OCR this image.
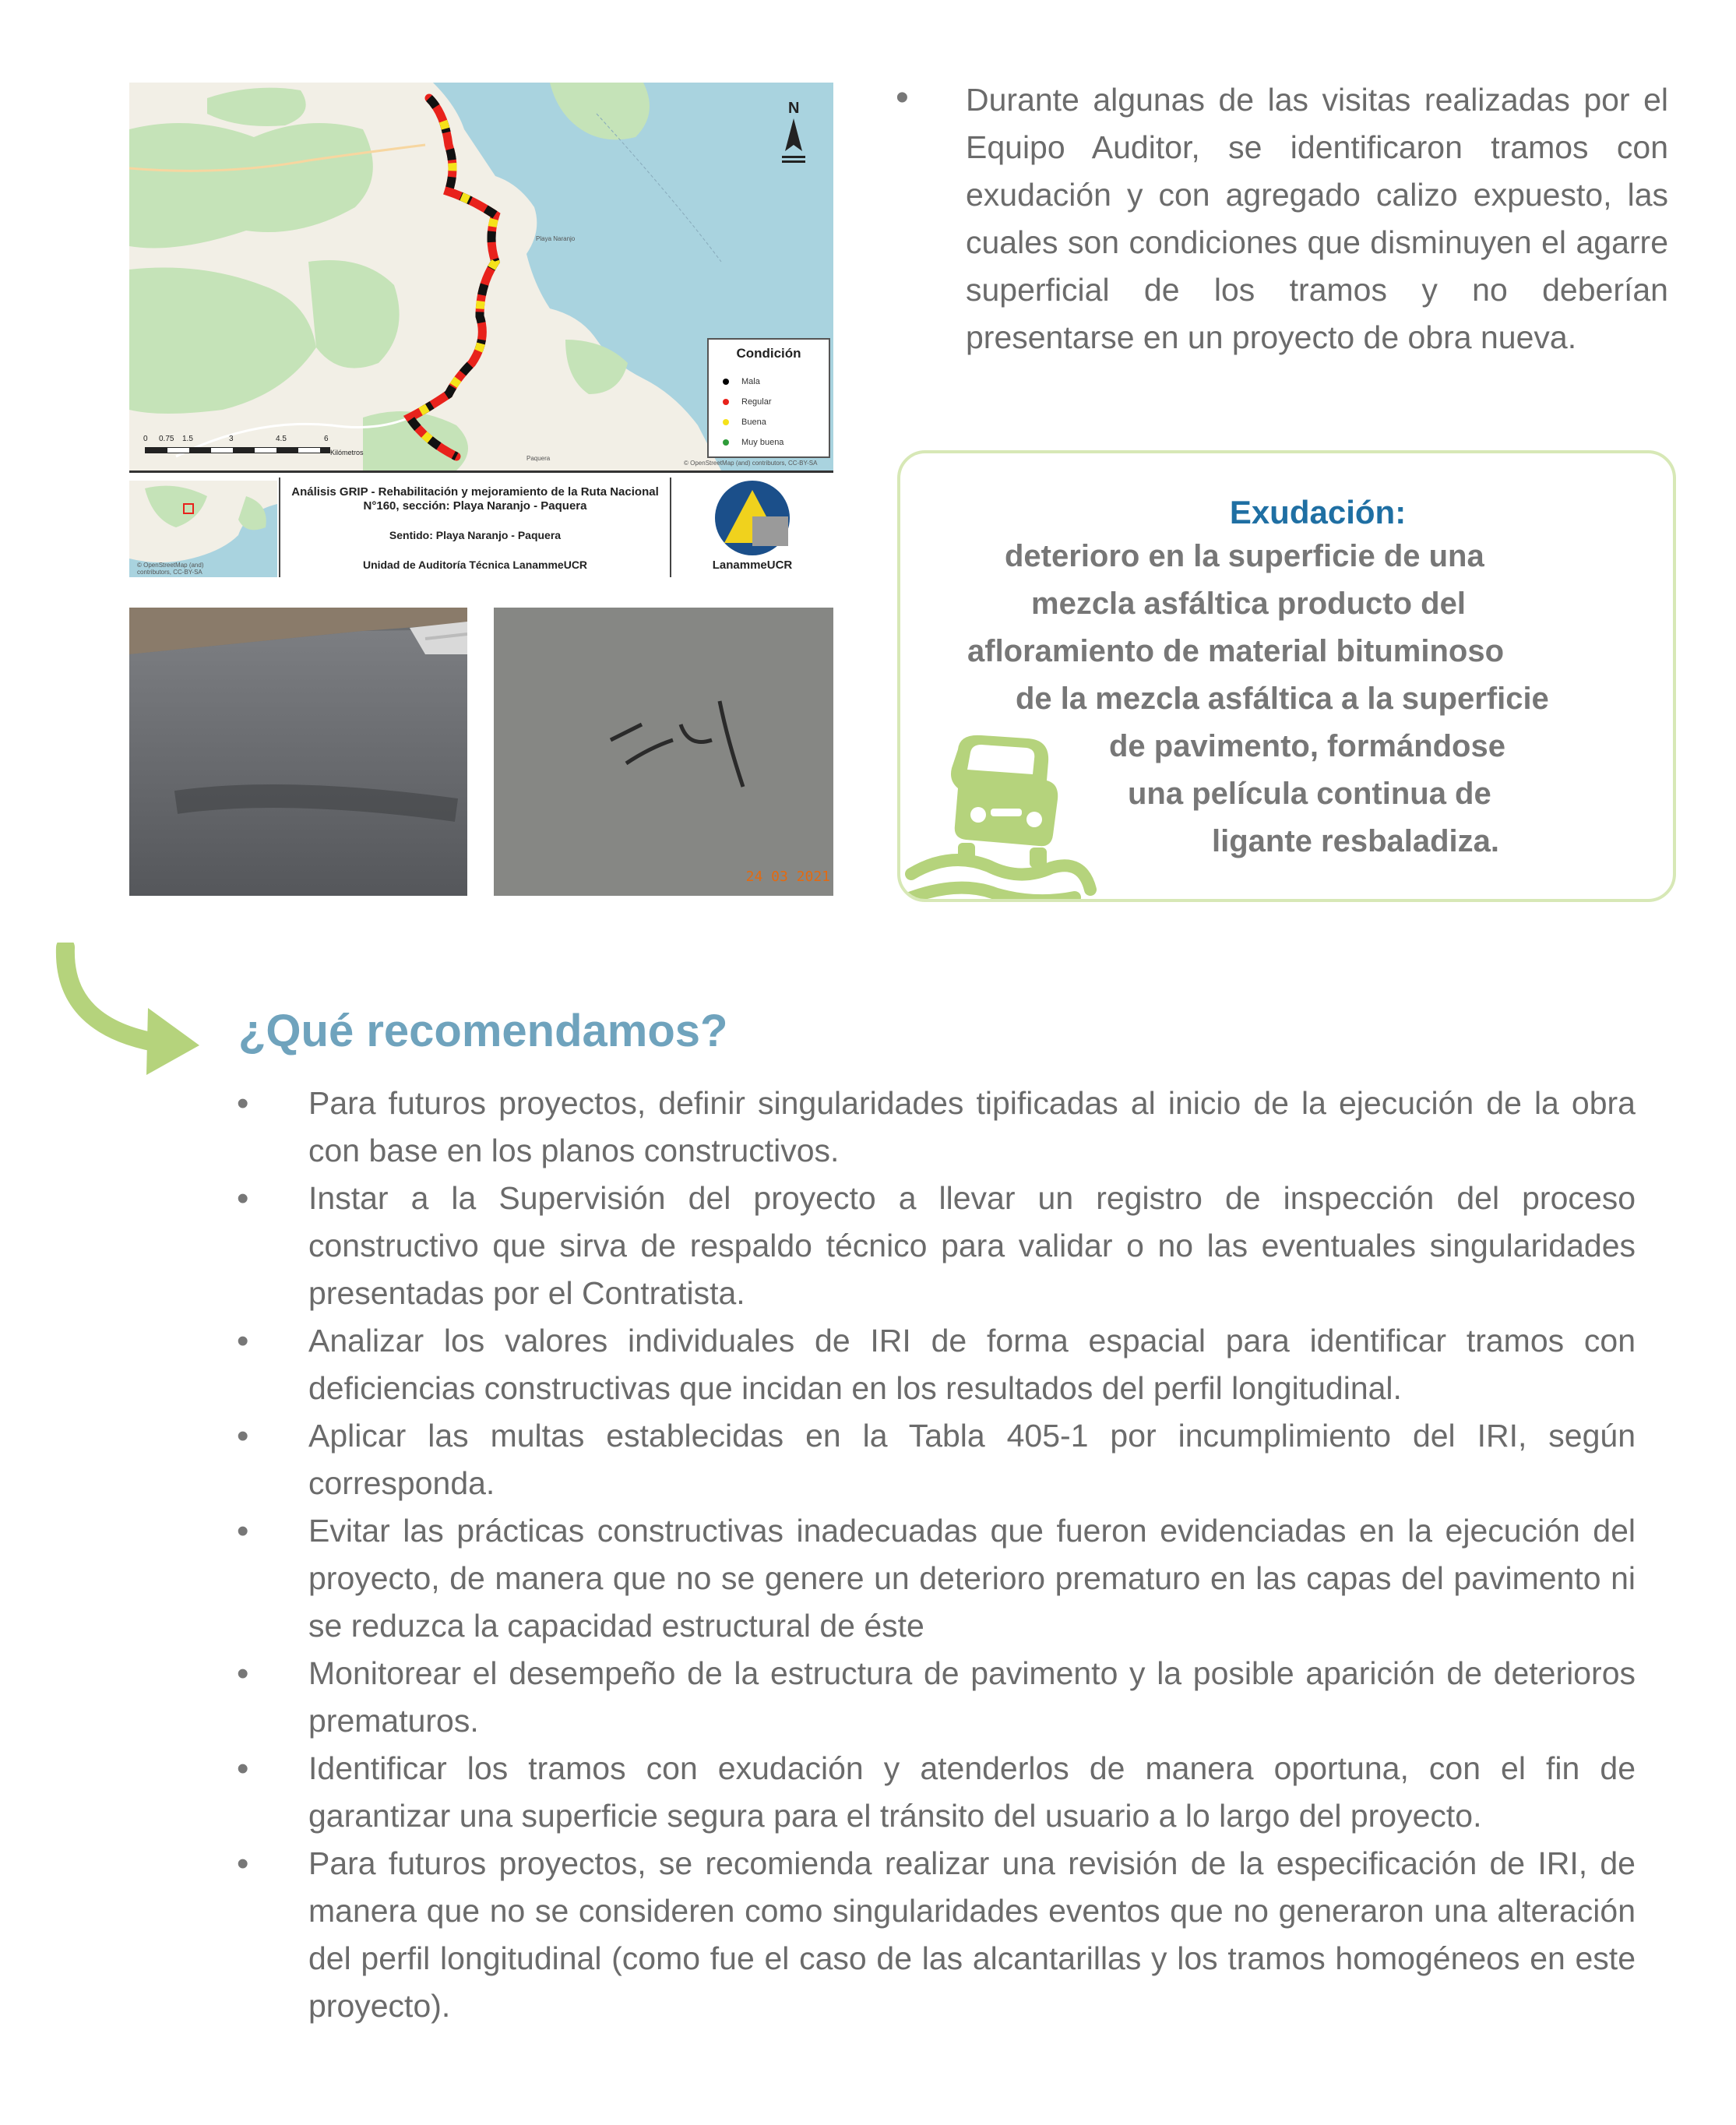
N
Condición
Mala
Regular
Buena
Muy buena
0 0.75 1.5	3	4.5	6
Kilómetros
Playa Naranjo
Paquera
© OpenStreetMap (and) contributors, CC-BY-SA
© OpenStreetMap (and) contributors, CC-BY-SA
Análisis GRIP - Rehabilitación y mejoramiento de la Ruta Nacional N°160, sección: Playa Naranjo - Paquera
Sentido: Playa Naranjo - Paquera
Unidad de Auditoría Técnica LanammeUCR	LanammeUCR
24 03 2021
• Durante algunas de las visitas realizadas por el Equipo Auditor, se identificaron tramos con exudación y con agregado calizo expuesto, las cuales son condiciones que disminuyen el agarre superficial de los tramos y no deberían presentarse en un proyecto de obra nueva.
Exudación:
deterioro en la superficie de una
mezcla asfáltica producto del
afloramiento de material bituminoso
de la mezcla asfáltica a la superficie
de pavimento, formándose
una película continua de
ligante resbaladiza.
¿Qué recomendamos?
• Para futuros proyectos, definir singularidades tipificadas al inicio de la ejecución de la obra con base en los planos constructivos.
• Instar a la Supervisión del proyecto a llevar un registro de inspección del proceso constructivo que sirva de respaldo técnico para validar o no las eventuales singularidades presentadas por el Contratista.
• Analizar los valores individuales de IRI de forma espacial para identificar tramos con deficiencias constructivas que incidan en los resultados del perfil longitudinal.
• Aplicar las multas establecidas en la Tabla 405-1 por incumplimiento del IRI, según corresponda.
• Evitar las prácticas constructivas inadecuadas que fueron evidenciadas en la ejecución del proyecto, de manera que no se genere un deterioro prematuro en las capas del pavimento ni se reduzca la capacidad estructural de éste
• Monitorear el desempeño de la estructura de pavimento y la posible aparición de deterioros prematuros.
• Identificar los tramos con exudación y atenderlos de manera oportuna, con el fin de garantizar una superficie segura para el tránsito del usuario a lo largo del proyecto.
• Para futuros proyectos, se recomienda realizar una revisión de la especificación de IRI, de manera que no se consideren como singularidades eventos que no generaron una alteración del perfil longitudinal (como fue el caso de las alcantarillas y los tramos homogéneos en este proyecto).
